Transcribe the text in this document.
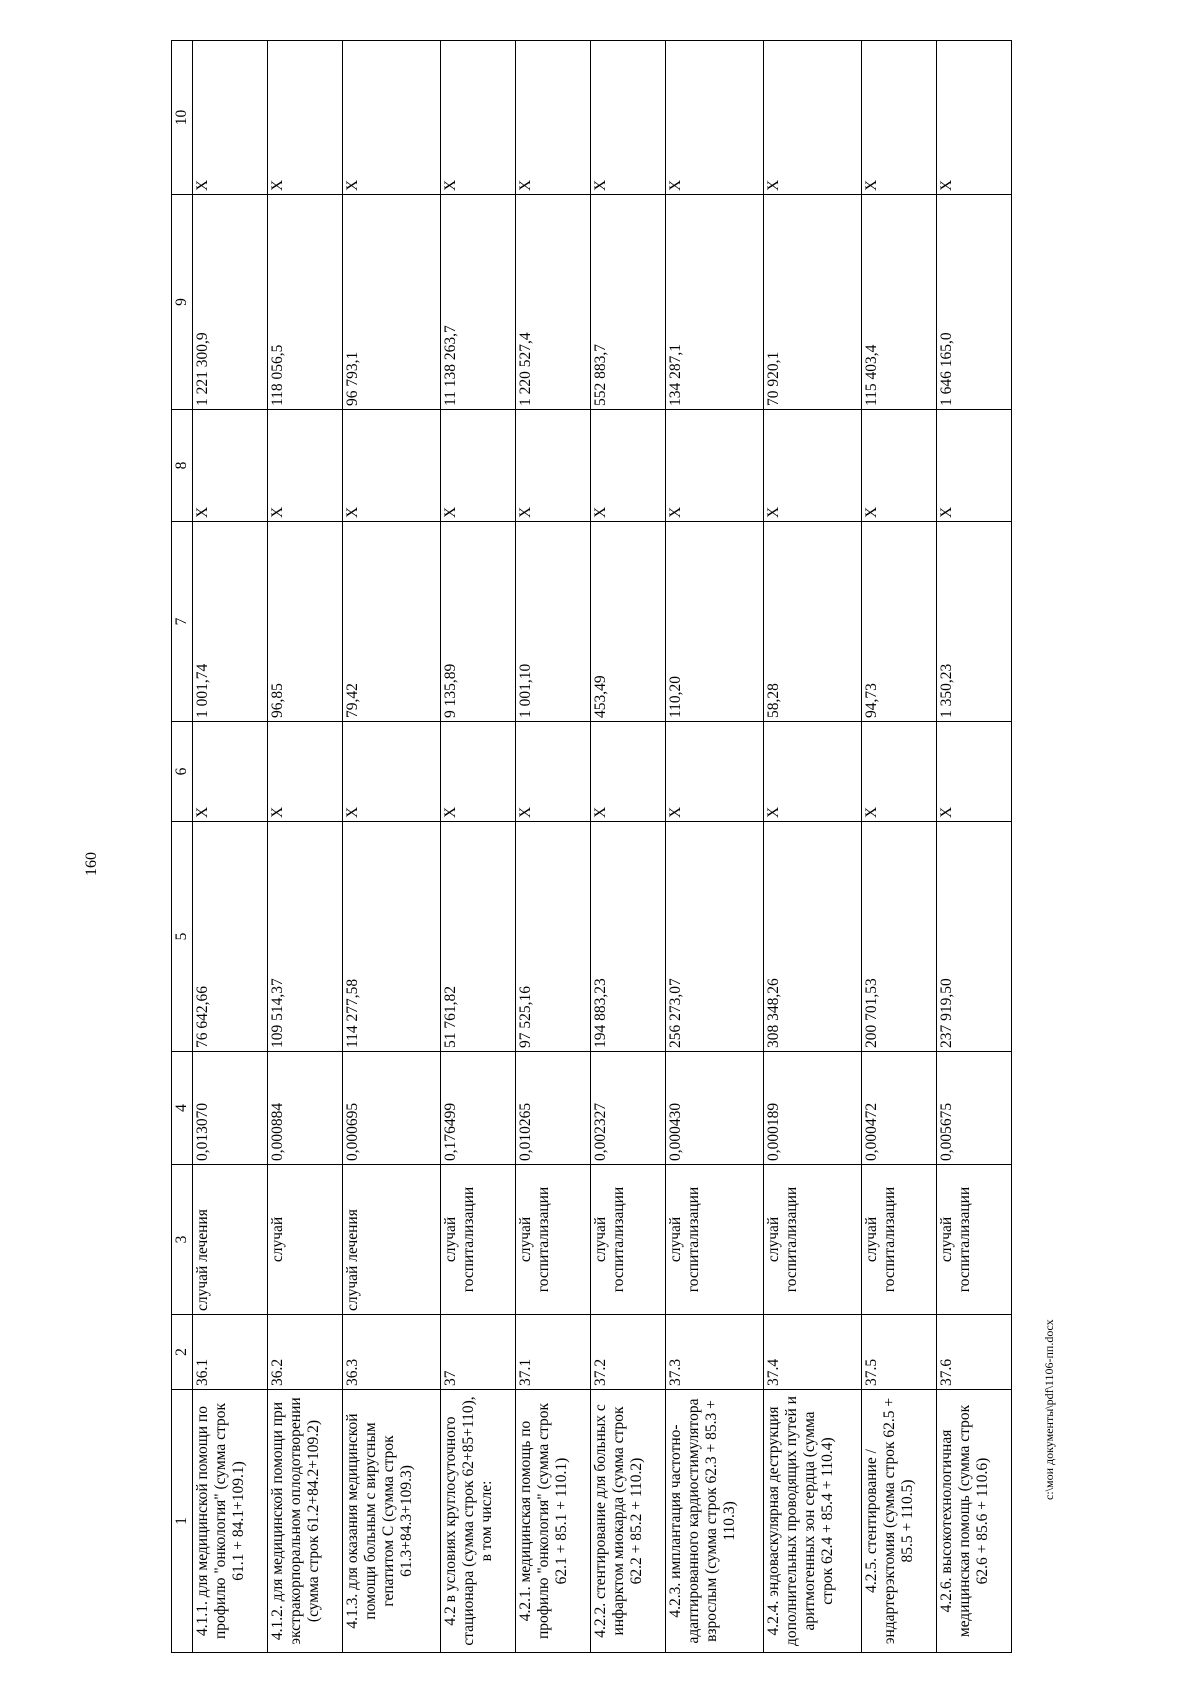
160
1	2	3	4	5	6	7	8	9	10
4.1.1. для медицинской помощи по профилю "онкология" (сумма строк 61.1 + 84.1+109.1)	36.1	случай лечения	0,013070	76 642,66	Х	1 001,74	Х	1 221 300,9	Х
4.1.2. для медицинской помощи при экстракорпоральном оплодотворении (сумма строк 61.2+84.2+109.2)	36.2	случай	0,000884	109 514,37	Х	96,85	Х	118 056,5	Х
4.1.3. для оказания медицинской помощи больным с вирусным гепатитом С (сумма строк 61.3+84.3+109.3)	36.3	случай лечения	0,000695	114 277,58	Х	79,42	Х	96 793,1	Х
4.2 в условиях круглосуточного стационара (сумма строк 62+85+110), в том числе:	37	случай госпитализации	0,176499	51 761,82	Х	9 135,89	Х	11 138 263,7	Х
4.2.1. медицинская помощь по профилю "онкология" (сумма строк 62.1 + 85.1 + 110.1)	37.1	случай госпитализации	0,010265	97 525,16	Х	1 001,10	Х	1 220 527,4	Х
4.2.2. стентирование для больных с инфарктом миокарда (сумма строк 62.2 + 85.2 + 110.2)	37.2	случай госпитализации	0,002327	194 883,23	Х	453,49	Х	552 883,7	Х
4.2.3. имплантация частотно-адаптированного кардиостимулятора взрослым (сумма строк 62.3 + 85.3 + 110.3)	37.3	случай госпитализации	0,000430	256 273,07	Х	110,20	Х	134 287,1	Х
4.2.4. эндоваскулярная деструкция дополнительных проводящих путей и аритмогенных зон сердца (сумма строк 62.4 + 85.4 + 110.4)	37.4	случай госпитализации	0,000189	308 348,26	Х	58,28	Х	70 920,1	Х
4.2.5. стентирование / эндартерэктомия (сумма строк 62.5 + 85.5 + 110.5)	37.5	случай госпитализации	0,000472	200 701,53	Х	94,73	Х	115 403,4	Х
4.2.6. высокотехнологичная медицинская помощь (сумма строк 62.6 + 85.6 + 110.6)	37.6	случай госпитализации	0,005675	237 919,50	Х	1 350,23	Х	1 646 165,0	Х
c:\мои документы\pdf\1106-пп.docx
